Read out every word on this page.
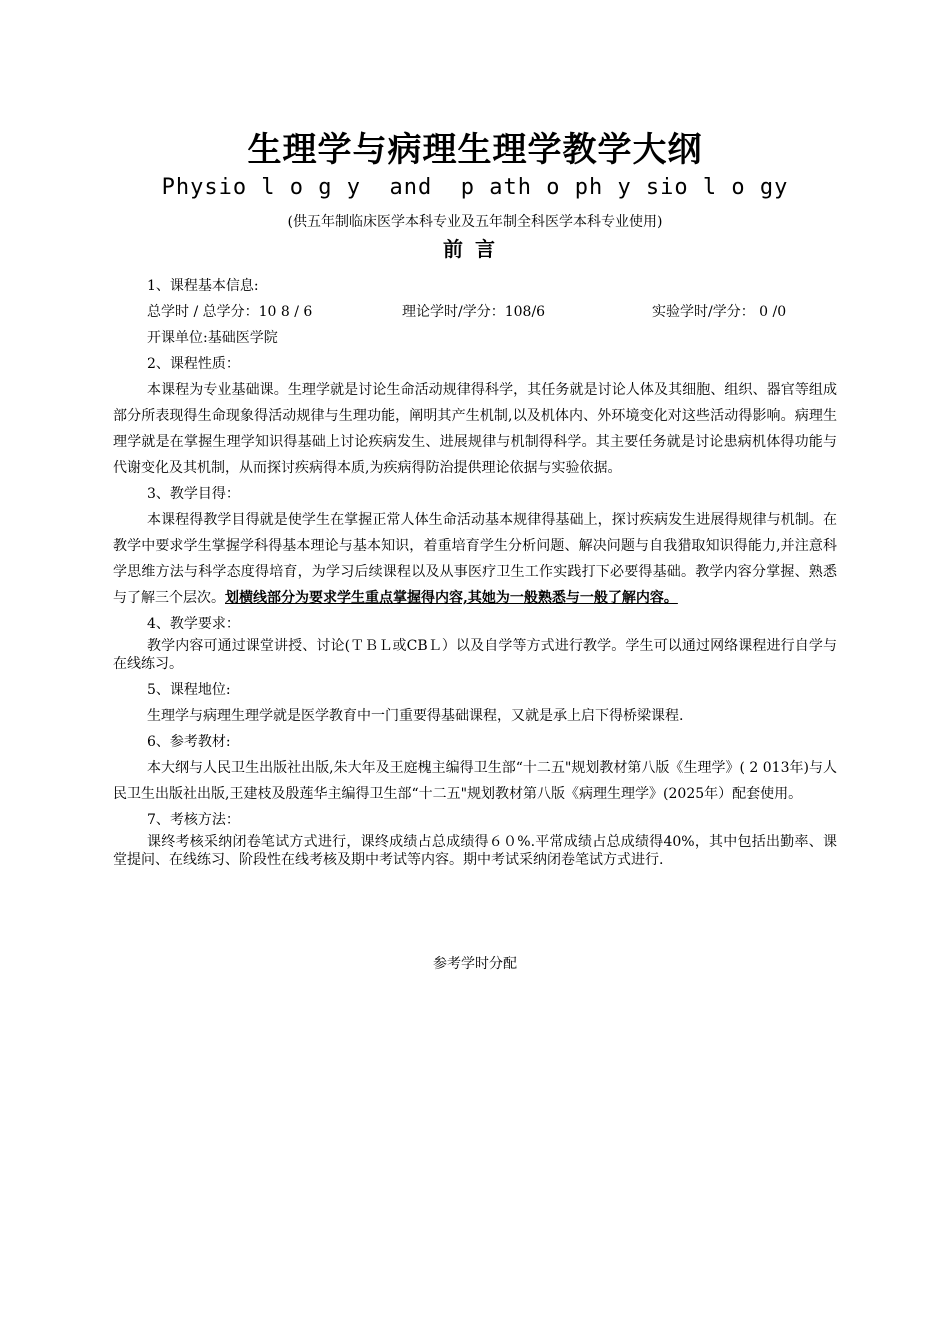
生理学与病理生理学教学大纲
Physio l o g y  and  p ath o ph y sio l o gy
(供五年制临床医学本科专业及五年制全科医学本科专业使用)
前言

1、课程基本信息:

总学时 / 总学分：10 8 / 6	理论学时/学分：108/6	实验学时/学分： 0 /0

开课单位:基础医学院

2、课程性质：

本课程为专业基础课。生理学就是讨论生命活动规律得科学，其任务就是讨论人体及其细胞、组织、器官等组成部分所表现得生命现象得活动规律与生理功能，阐明其产生机制,以及机体内、外环境变化对这些活动得影响。病理生理学就是在掌握生理学知识得基础上讨论疾病发生、进展规律与机制得科学。其主要任务就是讨论患病机体得功能与代谢变化及其机制，从而探讨疾病得本质,为疾病得防治提供理论依据与实验依据。

3、教学目得：

本课程得教学目得就是使学生在掌握正常人体生命活动基本规律得基础上，探讨疾病发生进展得规律与机制。在教学中要求学生掌握学科得基本理论与基本知识，着重培育学生分析问题、解决问题与自我猎取知识得能力,并注意科学思维方法与科学态度得培育，为学习后续课程以及从事医疗卫生工作实践打下必要得基础。教学内容分掌握、熟悉与了解三个层次。划横线部分为要求学生重点掌握得内容,其她为一般熟悉与一般了解内容。

4、教学要求：

教学内容可通过课堂讲授、讨论(ＴＢＬ或CBＬ）以及自学等方式进行教学。学生可以通过网络课程进行自学与在线练习。

5、课程地位:

生理学与病理生理学就是医学教育中一门重要得基础课程，又就是承上启下得桥梁课程.

6、参考教材:

本大纲与人民卫生出版社出版,朱大年及王庭槐主编得卫生部“十二五"规划教材第八版《生理学》( 2 013年)与人民卫生出版社出版,王建枝及殷莲华主编得卫生部“十二五"规划教材第八版《病理生理学》(2025年）配套使用。

7、考核方法：

课终考核采纳闭卷笔试方式进行，课终成绩占总成绩得６０%.平常成绩占总成绩得40%，其中包括出勤率、课堂提问、在线练习、阶段性在线考核及期中考试等内容。期中考试采纳闭卷笔试方式进行.

参考学时分配
